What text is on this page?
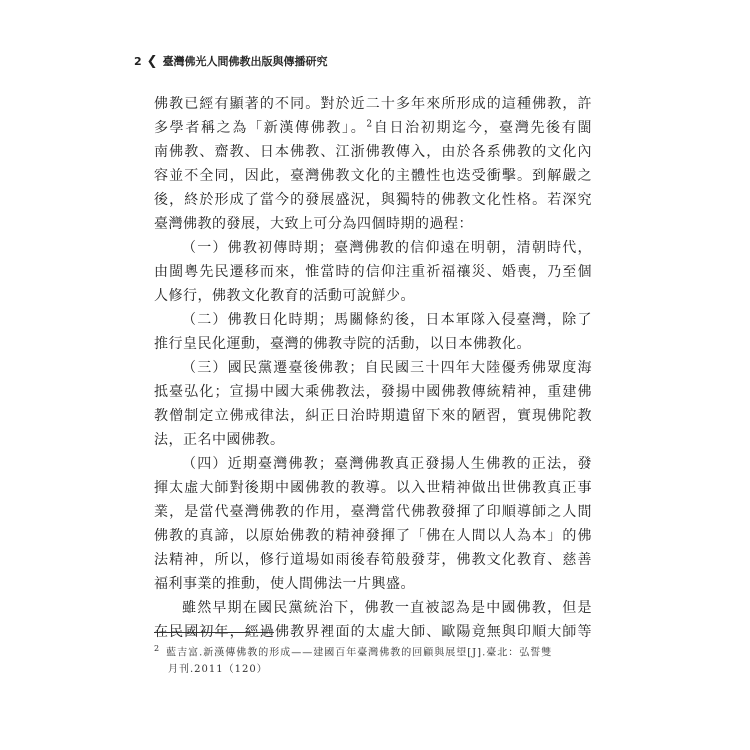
2 ❮ 臺灣佛光人間佛教出版與傳播研究
佛教已經有顯著的不同。對於近二十多年來所形成的這種佛教，許
多學者稱之為「新漢傳佛教」。$^2$自日治初期迄今，臺灣先後有閩
南佛教、齋教、日本佛教、江浙佛教傳入，由於各系佛教的文化內
容並不全同，因此，臺灣佛教文化的主體性也迭受衝擊。到解嚴之
後，終於形成了當今的發展盛況，與獨特的佛教文化性格。若深究
臺灣佛教的發展，大致上可分為四個時期的過程：
（一）佛教初傳時期；臺灣佛教的信仰遠在明朝，清朝時代，
由閩粵先民遷移而來，惟當時的信仰注重祈福禳災、婚喪，乃至個
人修行，佛教文化教育的活動可說鮮少。
（二）佛教日化時期；馬關條約後，日本軍隊入侵臺灣，除了
推行皇民化運動，臺灣的佛教寺院的活動，以日本佛教化。
（三）國民黨遷臺後佛教；自民國三十四年大陸優秀佛眾度海
抵臺弘化；宣揚中國大乘佛教法，發揚中國佛教傳統精神，重建佛
教僧制定立佛戒律法，糾正日治時期遺留下來的陋習，實現佛陀教
法，正名中國佛教。
（四）近期臺灣佛教；臺灣佛教真正發揚人生佛教的正法，發
揮太虛大師對後期中國佛教的教導。以入世精神做出世佛教真正事
業，是當代臺灣佛教的作用，臺灣當代佛教發揮了印順導師之人間
佛教的真諦，以原始佛教的精神發揮了「佛在人間以人為本」的佛
法精神，所以，修行道場如雨後春筍般發芽，佛教文化教育、慈善
福利事業的推動，使人間佛法一片興盛。
雖然早期在國民黨統治下，佛教一直被認為是中國佛教，但是
在民國初年，經過佛教界裡面的太虛大師、歐陽竟無與印順大師等
$^2$ 藍吉富.新漢傳佛教的形成——建國百年臺灣佛教的回顧與展望[J].臺北：弘誓雙
月刊.2011（120）
